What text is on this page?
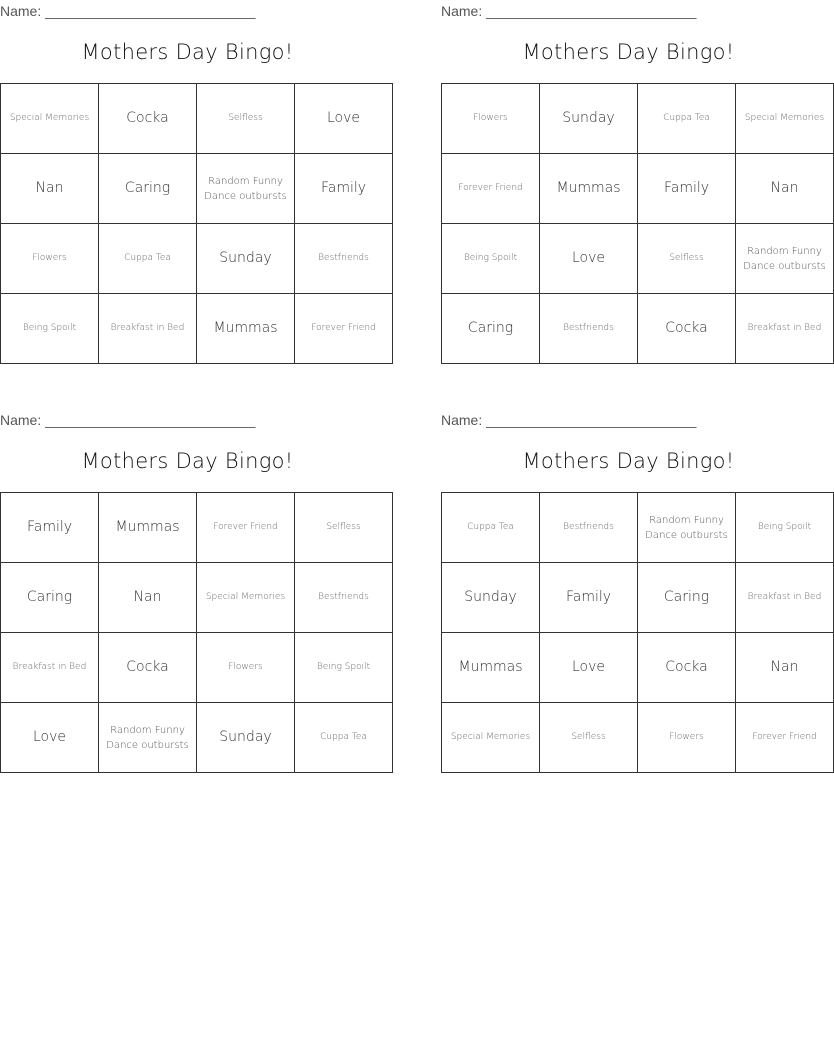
Name: ___________________________
Mothers Day Bingo!
Special Memories	Cocka	Selfless	Love
Nan	Caring	Random Funny Dance outbursts	Family
Flowers	Cuppa Tea	Sunday	Bestfriends
Being Spoilt	Breakfast in Bed	Mummas	Forever Friend
Name: ___________________________
Mothers Day Bingo!
Flowers	Sunday	Cuppa Tea	Special Memories
Forever Friend	Mummas	Family	Nan
Being Spoilt	Love	Selfless	Random Funny Dance outbursts
Caring	Bestfriends	Cocka	Breakfast in Bed
Name: ___________________________
Mothers Day Bingo!
Family	Mummas	Forever Friend	Selfless
Caring	Nan	Special Memories	Bestfriends
Breakfast in Bed	Cocka	Flowers	Being Spoilt
Love	Random Funny Dance outbursts	Sunday	Cuppa Tea
Name: ___________________________
Mothers Day Bingo!
Cuppa Tea	Bestfriends	Random Funny Dance outbursts	Being Spoilt
Sunday	Family	Caring	Breakfast in Bed
Mummas	Love	Cocka	Nan
Special Memories	Selfless	Flowers	Forever Friend
